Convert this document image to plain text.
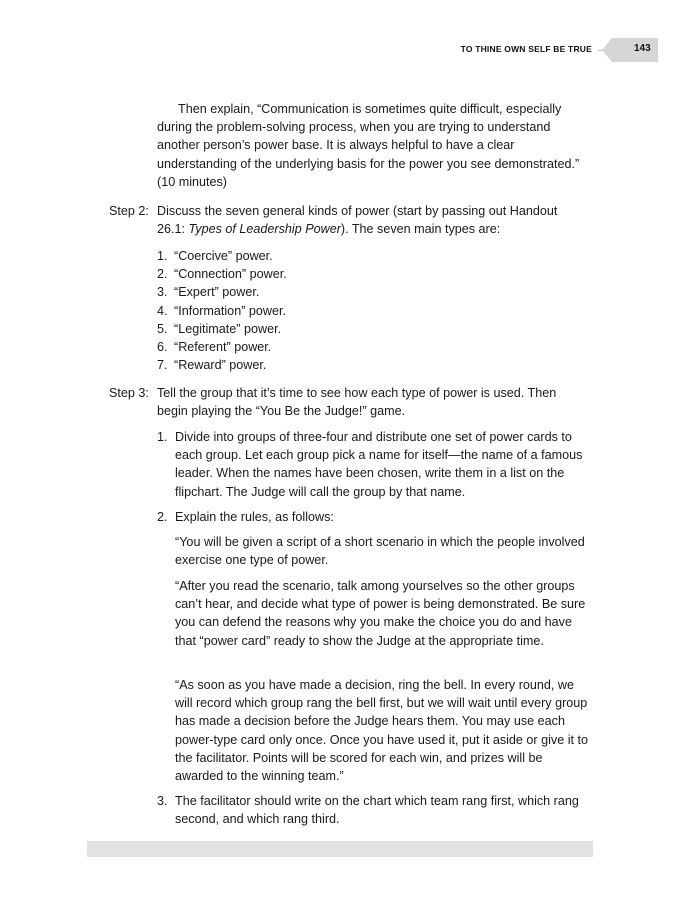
TO THINE OWN SELF BE TRUE	143
Then explain, “Communication is sometimes quite difficult, especially during the problem-solving process, when you are trying to understand another person’s power base. It is always helpful to have a clear understanding of the underlying basis for the power you see demonstrated.” (10 minutes)
Step 2: Discuss the seven general kinds of power (start by passing out Handout 26.1: Types of Leadership Power). The seven main types are:
1. “Coercive” power.
2. “Connection” power.
3. “Expert” power.
4. “Information” power.
5. “Legitimate” power.
6. “Referent” power.
7. “Reward” power.
Step 3: Tell the group that it’s time to see how each type of power is used. Then begin playing the “You Be the Judge!” game.
1. Divide into groups of three-four and distribute one set of power cards to each group. Let each group pick a name for itself—the name of a famous leader. When the names have been chosen, write them in a list on the flipchart. The Judge will call the group by that name.
2. Explain the rules, as follows:
“You will be given a script of a short scenario in which the people involved exercise one type of power.
“After you read the scenario, talk among yourselves so the other groups can’t hear, and decide what type of power is being demonstrated. Be sure you can defend the reasons why you make the choice you do and have that “power card” ready to show the Judge at the appropriate time.
“As soon as you have made a decision, ring the bell. In every round, we will record which group rang the bell first, but we will wait until every group has made a decision before the Judge hears them. You may use each power-type card only once. Once you have used it, put it aside or give it to the facilitator. Points will be scored for each win, and prizes will be awarded to the winning team.”
3. The facilitator should write on the chart which team rang first, which rang second, and which rang third.
